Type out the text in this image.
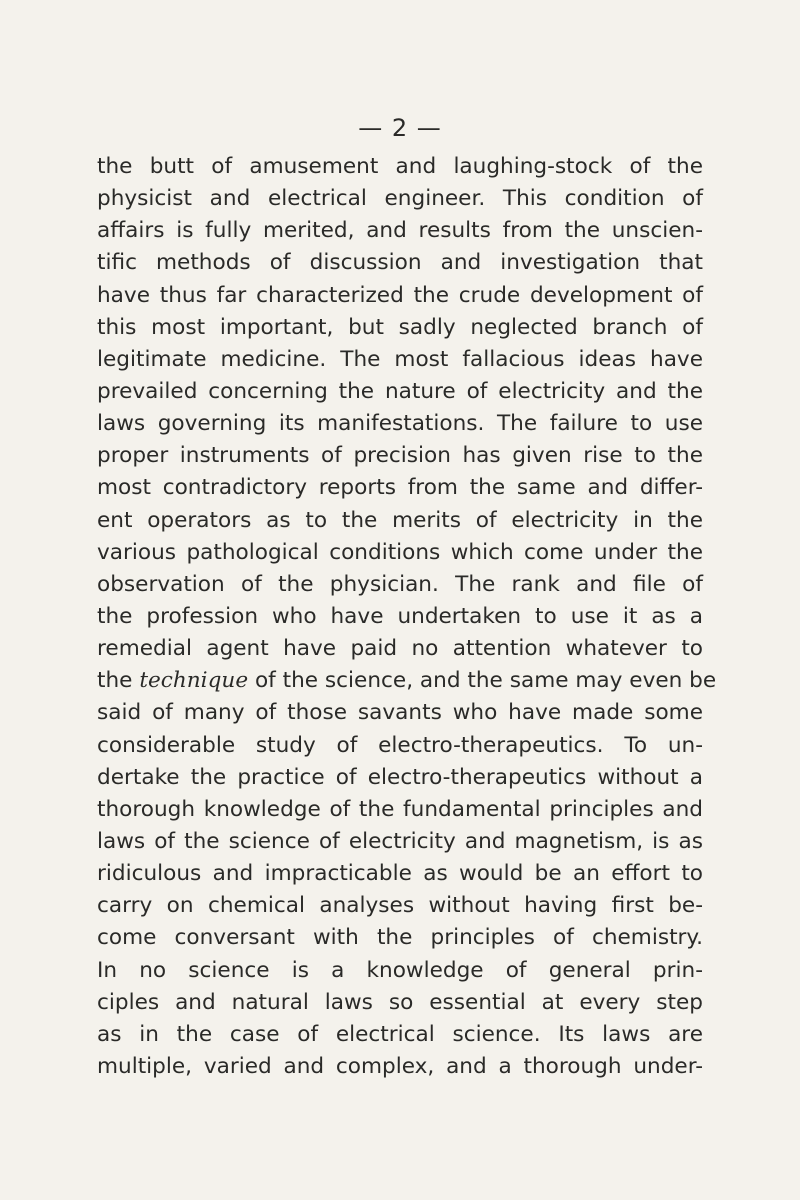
— 2 —
the butt of amusement and laughing-stock of the
physicist and electrical engineer. This condition of
affairs is fully merited, and results from the unscien-
tific methods of discussion and investigation that
have thus far characterized the crude development of
this most important, but sadly neglected branch of
legitimate medicine. The most fallacious ideas have
prevailed concerning the nature of electricity and the
laws governing its manifestations. The failure to use
proper instruments of precision has given rise to the
most contradictory reports from the same and differ-
ent operators as to the merits of electricity in the
various pathological conditions which come under the
observation of the physician. The rank and file of
the profession who have undertaken to use it as a
remedial agent have paid no attention whatever to
the technique of the science, and the same may even be
said of many of those savants who have made some
considerable study of electro-therapeutics. To un-
dertake the practice of electro-therapeutics without a
thorough knowledge of the fundamental principles and
laws of the science of electricity and magnetism, is as
ridiculous and impracticable as would be an effort to
carry on chemical analyses without having first be-
come conversant with the principles of chemistry.
In no science is a knowledge of general prin-
ciples and natural laws so essential at every step
as in the case of electrical science. Its laws are
multiple, varied and complex, and a thorough under-
